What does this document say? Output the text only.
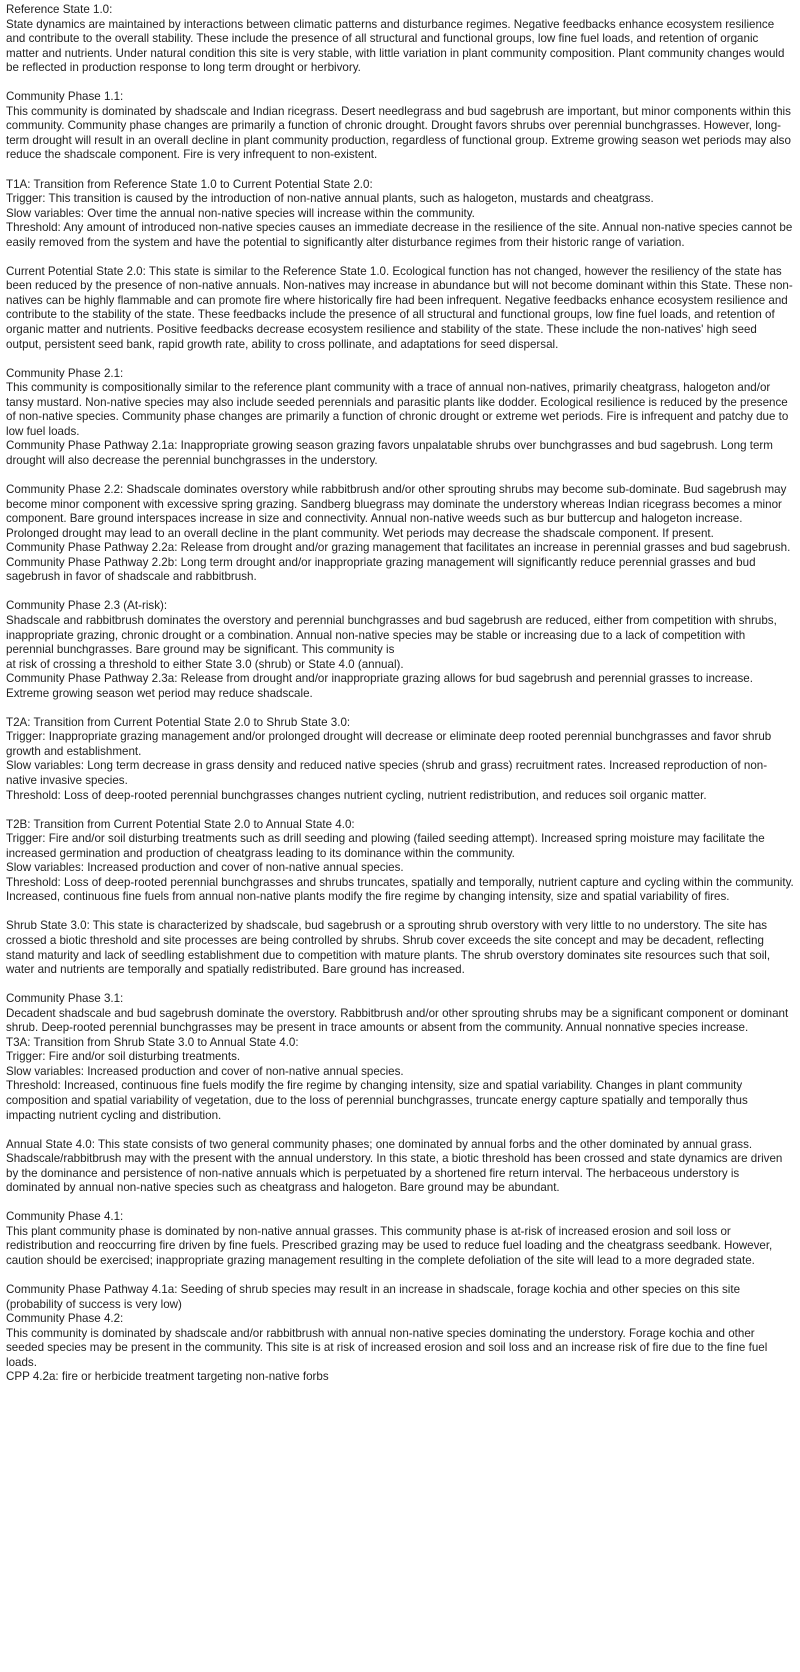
Reference State 1.0:
State dynamics are maintained by interactions between climatic patterns and disturbance regimes. Negative feedbacks enhance ecosystem resilience and contribute to the overall stability. These include the presence of all structural and functional groups, low fine fuel loads, and retention of organic matter and nutrients. Under natural condition this site is very stable, with little variation in plant community composition. Plant community changes would be reflected in production response to long term drought or herbivory.
Community Phase 1.1:
This community is dominated by shadscale and Indian ricegrass. Desert needlegrass and bud sagebrush are important, but minor components within this community. Community phase changes are primarily a function of chronic drought. Drought favors shrubs over perennial bunchgrasses. However, long-term drought will result in an overall decline in plant community production, regardless of functional group. Extreme growing season wet periods may also reduce the shadscale component. Fire is very infrequent to non-existent.
T1A: Transition from Reference State 1.0 to Current Potential State 2.0:
Trigger: This transition is caused by the introduction of non-native annual plants, such as halogeton, mustards and cheatgrass.
Slow variables: Over time the annual non-native species will increase within the community.
Threshold: Any amount of introduced non-native species causes an immediate decrease in the resilience of the site. Annual non-native species cannot be easily removed from the system and have the potential to significantly alter disturbance regimes from their historic range of variation.
Current Potential State 2.0: This state is similar to the Reference State 1.0. Ecological function has not changed, however the resiliency of the state has been reduced by the presence of non-native annuals. Non-natives may increase in abundance but will not become dominant within this State. These non-natives can be highly flammable and can promote fire where historically fire had been infrequent. Negative feedbacks enhance ecosystem resilience and contribute to the stability of the state. These feedbacks include the presence of all structural and functional groups, low fine fuel loads, and retention of organic matter and nutrients. Positive feedbacks decrease ecosystem resilience and stability of the state. These include the non-natives' high seed output, persistent seed bank, rapid growth rate, ability to cross pollinate, and adaptations for seed dispersal.
Community Phase 2.1:
This community is compositionally similar to the reference plant community with a trace of annual non-natives, primarily cheatgrass, halogeton and/or tansy mustard. Non-native species may also include seeded perennials and parasitic plants like dodder. Ecological resilience is reduced by the presence of non-native species. Community phase changes are primarily a function of chronic drought or extreme wet periods. Fire is infrequent and patchy due to low fuel loads.
Community Phase Pathway 2.1a: Inappropriate growing season grazing favors unpalatable shrubs over bunchgrasses and bud sagebrush. Long term drought will also decrease the perennial bunchgrasses in the understory.
Community Phase 2.2: Shadscale dominates overstory while rabbitbrush and/or other sprouting shrubs may become sub-dominate. Bud sagebrush may become minor component with excessive spring grazing. Sandberg bluegrass may dominate the understory whereas Indian ricegrass becomes a minor component. Bare ground interspaces increase in size and connectivity. Annual non-native weeds such as bur buttercup and halogeton increase. Prolonged drought may lead to an overall decline in the plant community. Wet periods may decrease the shadscale component. If present.
Community Phase Pathway 2.2a: Release from drought and/or grazing management that facilitates an increase in perennial grasses and bud sagebrush.
Community Phase Pathway 2.2b: Long term drought and/or inappropriate grazing management will significantly reduce perennial grasses and bud sagebrush in favor of shadscale and rabbitbrush.
Community Phase 2.3 (At-risk):
Shadscale and rabbitbrush dominates the overstory and perennial bunchgrasses and bud sagebrush are reduced, either from competition with shrubs, inappropriate grazing, chronic drought or a combination. Annual non-native species may be stable or increasing due to a lack of competition with perennial bunchgrasses. Bare ground may be significant. This community is
at risk of crossing a threshold to either State 3.0 (shrub) or State 4.0 (annual).
Community Phase Pathway 2.3a: Release from drought and/or inappropriate grazing allows for bud sagebrush and perennial grasses to increase. Extreme growing season wet period may reduce shadscale.
T2A: Transition from Current Potential State 2.0 to Shrub State 3.0:
Trigger: Inappropriate grazing management and/or prolonged drought will decrease or eliminate deep rooted perennial bunchgrasses and favor shrub growth and establishment.
Slow variables: Long term decrease in grass density and reduced native species (shrub and grass) recruitment rates. Increased reproduction of non-native invasive species.
Threshold: Loss of deep-rooted perennial bunchgrasses changes nutrient cycling, nutrient redistribution, and reduces soil organic matter.
T2B: Transition from Current Potential State 2.0 to Annual State 4.0:
Trigger: Fire and/or soil disturbing treatments such as drill seeding and plowing (failed seeding attempt). Increased spring moisture may facilitate the increased germination and production of cheatgrass leading to its dominance within the community.
Slow variables: Increased production and cover of non-native annual species.
Threshold: Loss of deep-rooted perennial bunchgrasses and shrubs truncates, spatially and temporally, nutrient capture and cycling within the community. Increased, continuous fine fuels from annual non-native plants modify the fire regime by changing intensity, size and spatial variability of fires.
Shrub State 3.0: This state is characterized by shadscale, bud sagebrush or a sprouting shrub overstory with very little to no understory. The site has crossed a biotic threshold and site processes are being controlled by shrubs. Shrub cover exceeds the site concept and may be decadent, reflecting stand maturity and lack of seedling establishment due to competition with mature plants. The shrub overstory dominates site resources such that soil, water and nutrients are temporally and spatially redistributed. Bare ground has increased.
Community Phase 3.1:
Decadent shadscale and bud sagebrush dominate the overstory. Rabbitbrush and/or other sprouting shrubs may be a significant component or dominant shrub. Deep-rooted perennial bunchgrasses may be present in trace amounts or absent from the community. Annual nonnative species increase.
T3A: Transition from Shrub State 3.0 to Annual State 4.0:
Trigger: Fire and/or soil disturbing treatments.
Slow variables: Increased production and cover of non-native annual species.
Threshold: Increased, continuous fine fuels modify the fire regime by changing intensity, size and spatial variability. Changes in plant community composition and spatial variability of vegetation, due to the loss of perennial bunchgrasses, truncate energy capture spatially and temporally thus impacting nutrient cycling and distribution.
Annual State 4.0: This state consists of two general community phases; one dominated by annual forbs and the other dominated by annual grass. Shadscale/rabbitbrush may with the present with the annual understory. In this state, a biotic threshold has been crossed and state dynamics are driven by the dominance and persistence of non-native annuals which is perpetuated by a shortened fire return interval. The herbaceous understory is dominated by annual non-native species such as cheatgrass and halogeton. Bare ground may be abundant.
Community Phase 4.1:
This plant community phase is dominated by non-native annual grasses. This community phase is at-risk of increased erosion and soil loss or redistribution and reoccurring fire driven by fine fuels. Prescribed grazing may be used to reduce fuel loading and the cheatgrass seedbank. However, caution should be exercised; inappropriate grazing management resulting in the complete defoliation of the site will lead to a more degraded state.
Community Phase Pathway 4.1a: Seeding of shrub species may result in an increase in shadscale, forage kochia and other species on this site (probability of success is very low)
Community Phase 4.2:
This community is dominated by shadscale and/or rabbitbrush with annual non-native species dominating the understory. Forage kochia and other seeded species may be present in the community. This site is at risk of increased erosion and soil loss and an increase risk of fire due to the fine fuel loads.
CPP 4.2a: fire or herbicide treatment targeting non-native forbs
